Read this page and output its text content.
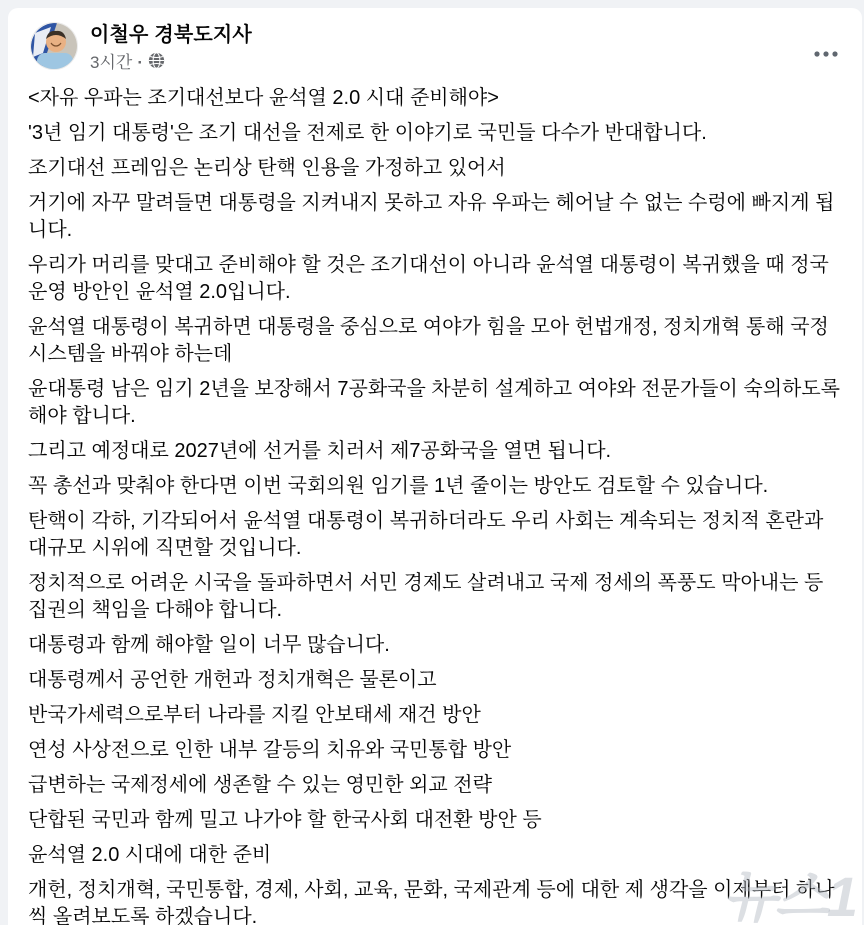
이철우 경북도지사
3시간 ·

<자유 우파는 조기대선보다 윤석열 2.0 시대 준비해야>

'3년 임기 대통령'은 조기 대선을 전제로 한 이야기로 국민들 다수가 반대합니다.

조기대선 프레임은 논리상 탄핵 인용을 가정하고 있어서

거기에 자꾸 말려들면 대통령을 지켜내지 못하고 자유 우파는 헤어날 수 없는 수렁에 빠지게 됩니다.

우리가 머리를 맞대고 준비해야 할 것은 조기대선이 아니라 윤석열 대통령이 복귀했을 때 정국 운영 방안인 윤석열 2.0입니다.

윤석열 대통령이 복귀하면 대통령을 중심으로 여야가 힘을 모아 헌법개정, 정치개혁 통해 국정 시스템을 바꿔야 하는데

윤대통령 남은 임기 2년을 보장해서 7공화국을 차분히 설계하고 여야와 전문가들이 숙의하도록 해야 합니다.

그리고 예정대로 2027년에 선거를 치러서 제7공화국을 열면 됩니다.

꼭 총선과 맞춰야 한다면 이번 국회의원 임기를 1년 줄이는 방안도 검토할 수 있습니다.

탄핵이 각하, 기각되어서 윤석열 대통령이 복귀하더라도 우리 사회는 계속되는 정치적 혼란과 대규모 시위에 직면할 것입니다.

정치적으로 어려운 시국을 돌파하면서 서민 경제도 살려내고 국제 정세의 폭풍도 막아내는 등 집권의 책임을 다해야 합니다.

대통령과 함께 해야할 일이 너무 많습니다.

대통령께서 공언한 개헌과 정치개혁은 물론이고

반국가세력으로부터 나라를 지킬 안보태세 재건 방안

연성 사상전으로 인한 내부 갈등의 치유와 국민통합 방안

급변하는 국제정세에 생존할 수 있는 영민한 외교 전략

단합된 국민과 함께 밀고 나가야 할 한국사회 대전환 방안 등

윤석열 2.0 시대에 대한 준비

개헌, 정치개혁, 국민통합, 경제, 사회, 교육, 문화, 국제관계 등에 대한 제 생각을 이제부터 하나씩 올려보도록 하겠습니다.	뉴스1
